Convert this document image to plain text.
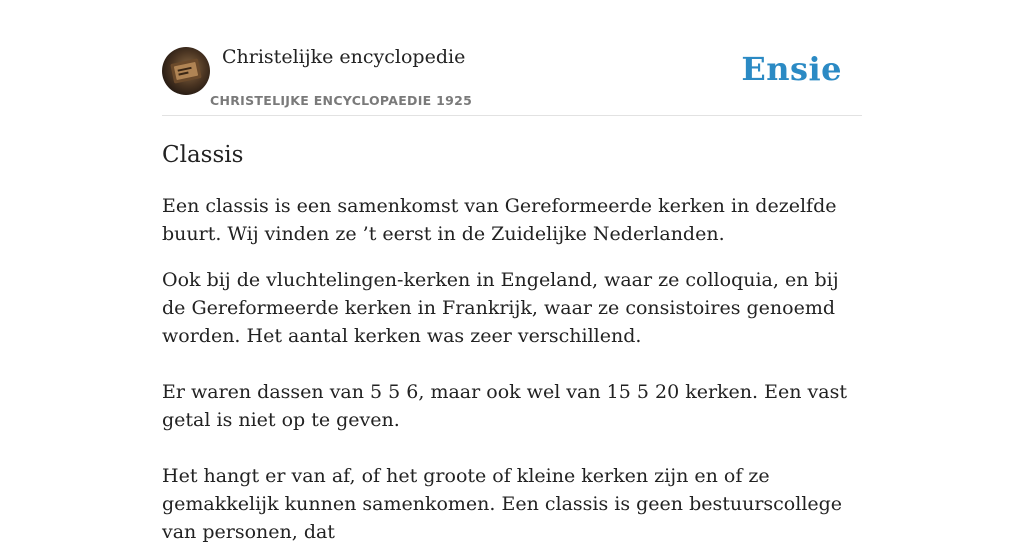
Christelijke encyclopedie
CHRISTELIJKE ENCYCLOPAEDIE 1925
Ensie
Classis

Een classis is een samenkomst van Gereformeerde kerken in dezelfde buurt. Wij vinden ze ’t eerst in de Zuidelijke Nederlanden.

Ook bij de vluchtelingen-kerken in Engeland, waar ze colloquia, en bij de Gereformeerde kerken in Frankrijk, waar ze consistoires genoemd worden. Het aantal kerken was zeer verschillend.

Er waren dassen van 5 5 6, maar ook wel van 15 5 20 kerken. Een vast getal is niet op te geven.

Het hangt er van af, of het groote of kleine kerken zijn en of ze gemakkelijk kunnen samenkomen. Een classis is geen bestuurscollege van personen, dat
